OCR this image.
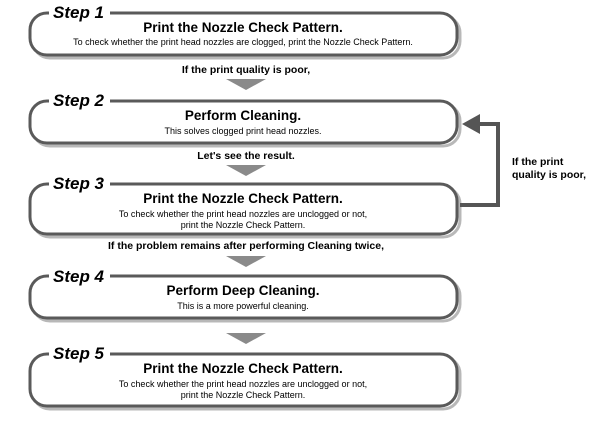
Step 1
Step 2
Step 3
Step 4
Step 5
Print the Nozzle Check Pattern.
To check whether the print head nozzles are clogged, print the Nozzle Check Pattern.
Perform Cleaning.
This solves clogged print head nozzles.
Print the Nozzle Check Pattern.
To check whether the print head nozzles are unclogged or not,
print the Nozzle Check Pattern.
Perform Deep Cleaning.
This is a more powerful cleaning.
Print the Nozzle Check Pattern.
To check whether the print head nozzles are unclogged or not,
print the Nozzle Check Pattern.
If the print quality is poor,
Let's see the result.
If the problem remains after performing Cleaning twice,
If the print
quality is poor,
